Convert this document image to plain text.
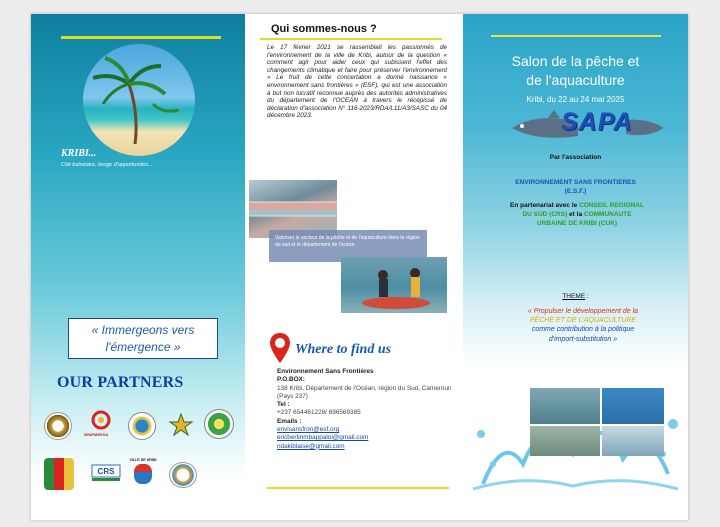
KRIBI...
Cité balnéaire, berge d'opportunités...
« Immergeons vers
l'émergence »
OUR PARTNERS
MINPMEESA
CRS
VILLE DE KRIBI
Qui sommes-nous ?
Le 17 février 2021 se rassemblait les passionnés de l'environnement de la ville de Kribi, autour de la question « comment agir pour aider ceux qui subissent l'effet des changements climatique et faire pour préserver l'environnement » Le fruit de cette concertation a donné naissance « environnement sans frontières » (ESF), qui est une association à but non lucratif reconnue auprès des autorités administratives du département de l'OCEAN à travers le récépissé de déclaration d'association N° 116-2023/RDA/L11/A3/SASC du 04 décembre 2023.
Valoriser le secteur de la pêche et de l'aquaculture dans la région du sud et le département de l'océan.
Where to find us
Environnement Sans Frontières
P.O.BOX:
138 Kribi, Département de l'Océan, région du Sud, Cameroun (Pays 237)
Tel :
+237 654461228/ 696569385
Emails :
envisansfron@esf.org
ericbertinmbappaloi@gmail.com
ndakiblaise@gmail.com
Salon de la pêche et
de l'aquaculture
Kribi, du 22 au 24 mai 2025
SAPA
Par l'association
ENVIRONNEMENT SANS FRONTIERES
(E.S.F.)
En partenariat avec le CONSEIL REGIONAL
DU SUD (CRS) et la COMMUNAUTE
URBAINE DE KRIBI (CUK)
THEME :
« Propulser le développement de la
PÊCHE ET DE L'AQUACULTURE
comme contribution à la politique
d'import-substitution »
